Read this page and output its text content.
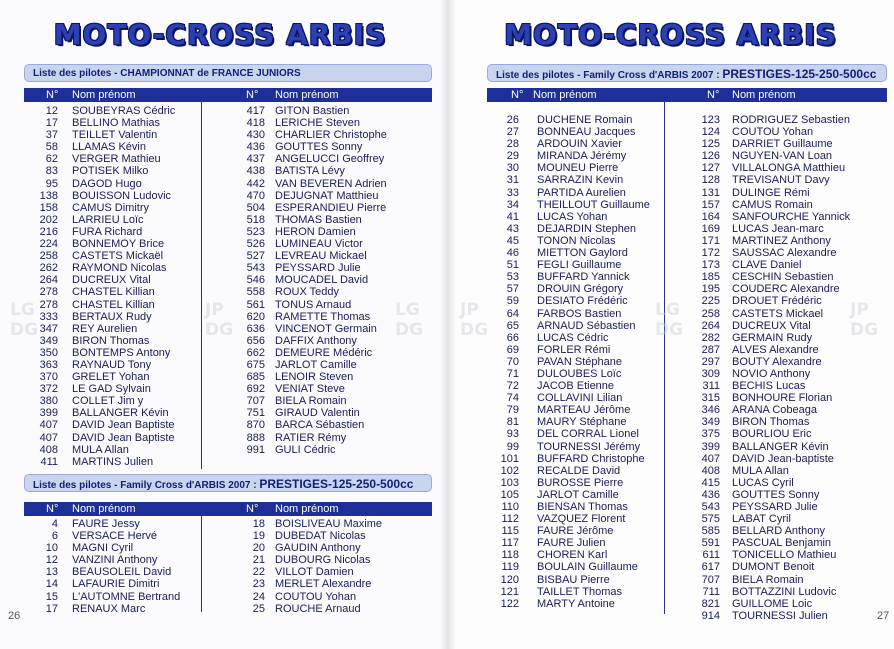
MOTO-CROSS ARBIS
Liste des pilotes - CHAMPIONNAT de FRANCE JUNIORS
N° Nom prénom	N° Nom prénom
12 SOUBEYRAS Cédric
17 BELLINO Mathias
37 TEILLET Valentin
58 LLAMAS Kévin
62 VERGER Mathieu
83 POTISEK Milko
95 DAGOD Hugo
138 BOUISSON Ludovic
158 CAMUS Dimitry
202 LARRIEU Loïc
216 FURA Richard
224 BONNEMOY Brice
258 CASTETS Mickaël
262 RAYMOND Nicolas
264 DUCREUX Vital
278 CHASTEL Killian
278 CHASTEL Killian
333 BERTAUX Rudy
347 REY Aurelien
349 BIRON Thomas
350 BONTEMPS Antony
363 RAYNAUD Tony
370 GRELET Yohan
372 LE GAD Sylvain
380 COLLET Jim y
399 BALLANGER Kévin
407 DAVID Jean Baptiste
407 DAVID Jean Baptiste
408 MULA Allan
411 MARTINS Julien
417 GITON Bastien
418 LERICHE Steven
430 CHARLIER Christophe
436 GOUTTES Sonny
437 ANGELUCCI Geoffrey
438 BATISTA Lévy
442 VAN BEVEREN Adrien
470 DEJUGNAT Matthieu
504 ESPERANDIEU Pierre
518 THOMAS Bastien
523 HERON Damien
526 LUMINEAU Victor
527 LEVREAU Mickael
543 PEYSSARD Julie
546 MOUCADEL David
558 ROUX Teddy
561 TONUS Arnaud
620 RAMETTE Thomas
636 VINCENOT Germain
656 DAFFIX Anthony
662 DEMEURE Médéric
675 JARLOT Camille
685 LENOIR Steven
692 VENIAT Steve
707 BIELA Romain
751 GIRAUD Valentin
870 BARCA Sébastien
888 RATIER Rémy
991 GULI Cédric
Liste des pilotes - Family Cross d'ARBIS 2007 : PRESTIGES-125-250-500cc
N° Nom prénom	N° Nom prénom
4 FAURE Jessy
6 VERSACE Hervé
10 MAGNI Cyril
12 VANZINI Anthony
13 BEAUSOLEIL David
14 LAFAURIE Dimitri
15 L'AUTOMNE Bertrand
17 RENAUX Marc
18 BOISLIVEAU Maxime
19 DUBEDAT Nicolas
20 GAUDIN Anthony
21 DUBOURG Nicolas
22 VILLOT Damien
23 MERLET Alexandre
24 COUTOU Yohan
25 ROUCHE Arnaud
26
MOTO-CROSS ARBIS
Liste des pilotes - Family Cross d'ARBIS 2007 : PRESTIGES-125-250-500cc
N° Nom prénom	N° Nom prénom
26 DUCHENE Romain
27 BONNEAU Jacques
28 ARDOUIN Xavier
29 MIRANDA Jérémy
30 MOUNEU Pierre
31 SARRAZIN Kevin
33 PARTIDA Aurelien
34 THEILLOUT Guillaume
41 LUCAS Yohan
43 DEJARDIN Stephen
45 TONON Nicolas
46 MIETTON Gaylord
51 FEGLI Guillaume
53 BUFFARD Yannick
57 DROUIN Grégory
59 DESIATO Frédéric
64 FARBOS Bastien
65 ARNAUD Sébastien
66 LUCAS Cédric
69 FORLER Rémi
70 PAVAN Stéphane
71 DULOUBES Loïc
72 JACOB Etienne
74 COLLAVINI Lilian
79 MARTEAU Jérôme
81 MAURY Stéphane
93 DEL CORRAL Lionel
99 TOURNESSI Jérémy
101 BUFFARD Christophe
102 RECALDE David
103 BUROSSE Pierre
105 JARLOT Camille
110 BIENSAN Thomas
112 VAZQUEZ Florent
115 FAURE Jérôme
117 FAURE Julien
118 CHOREN Karl
119 BOULAIN Guillaume
120 BISBAU Pierre
121 TAILLET Thomas
122 MARTY Antoine
123 RODRIGUEZ Sebastien
124 COUTOU Yohan
125 DARRIET Guillaume
126 NGUYEN-VAN Loan
127 VILLALONGA Matthieu
128 TREVISANUT Davy
131 DULINGE Rémi
157 CAMUS Romain
164 SANFOURCHE Yannick
169 LUCAS Jean-marc
171 MARTINEZ Anthony
172 SAUSSAC Alexandre
173 CLAVE Daniel
185 CESCHIN Sebastien
195 COUDERC Alexandre
225 DROUET Frédéric
258 CASTETS Mickael
264 DUCREUX Vital
282 GERMAIN Rudy
287 ALVES Alexandre
297 BOUTY Alexandre
309 NOVIO Anthony
311 BECHIS Lucas
315 BONHOURE Florian
346 ARANA Cobeaga
349 BIRON Thomas
375 BOURLIOU Eric
399 BALLANGER Kévin
407 DAVID Jean-baptiste
408 MULA Allan
415 LUCAS Cyril
436 GOUTTES Sonny
543 PEYSSARD Julie
575 LABAT Cyril
585 BELLARD Anthony
591 PASCUAL Benjamin
611 TONICELLO Mathieu
617 DUMONT Benoit
707 BIELA Romain
711 BOTTAZZINI Ludovic
821 GUILLOME Loic
914 TOURNESSI Julien	27
LG
DG
JP
DG
LG
DG
JP
DG
LG
DG
JP
DG
